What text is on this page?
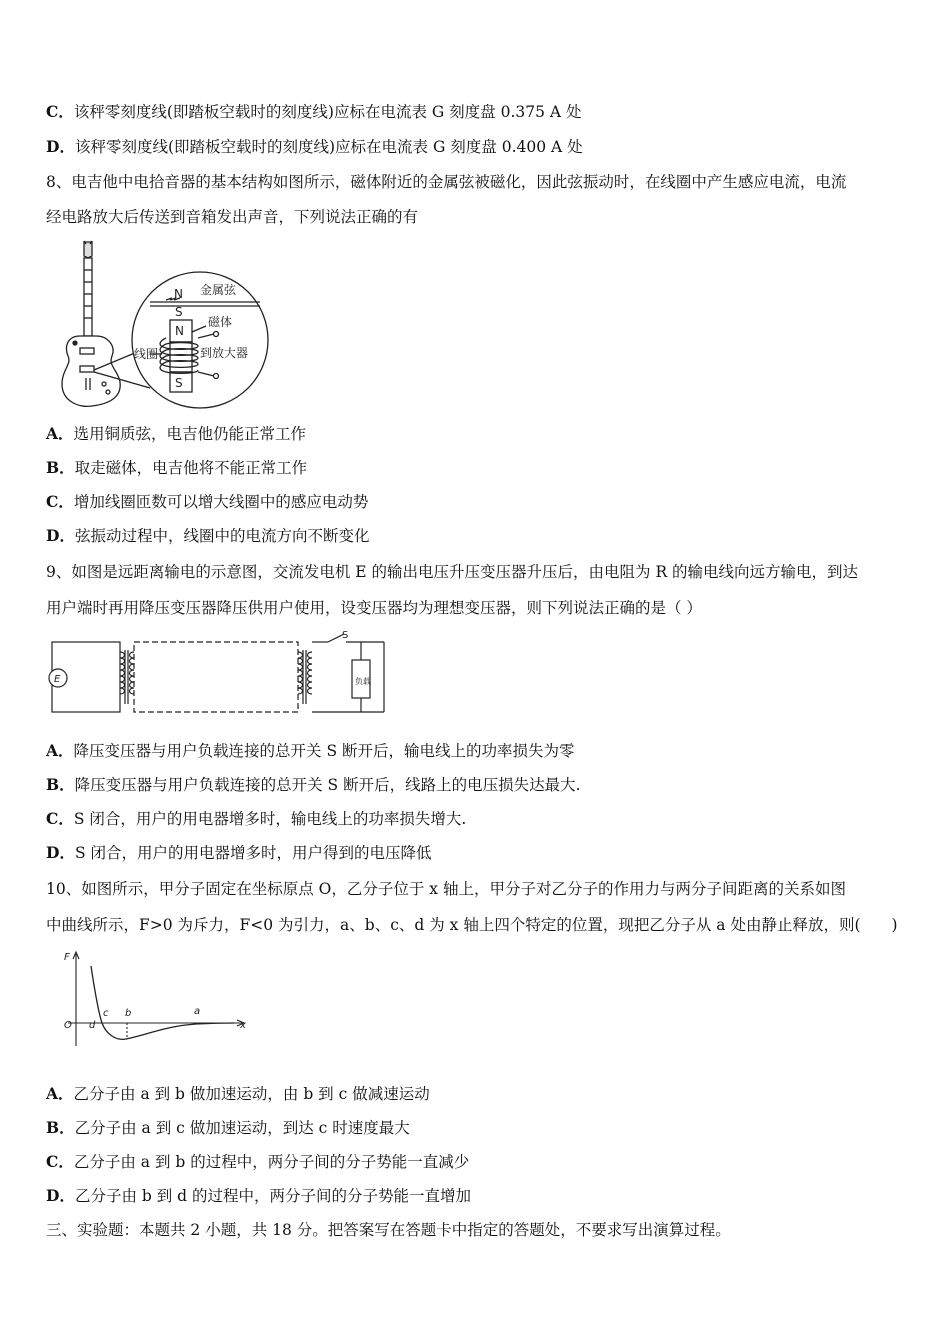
C．该秤零刻度线(即踏板空载时的刻度线)应标在电流表 G 刻度盘 0.375 A 处
D．该秤零刻度线(即踏板空载时的刻度线)应标在电流表 G 刻度盘 0.400 A 处
8、电吉他中电拾音器的基本结构如图所示，磁体附近的金属弦被磁化，因此弦振动时，在线圈中产生感应电流，电流
经电路放大后传送到音箱发出声音，下列说法正确的有
N 金属弦
S
N
磁体
线圈	到放大器
S
A．选用铜质弦，电吉他仍能正常工作
B．取走磁体，电吉他将不能正常工作
C．增加线圈匝数可以增大线圈中的感应电动势
D．弦振动过程中，线圈中的电流方向不断变化
9、如图是远距离输电的示意图，交流发电机 E 的输出电压升压变压器升压后，由电阻为 R 的输电线向远方输电，到达
用户端时再用降压变压器降压供用户使用，设变压器均为理想变压器，则下列说法正确的是（ ）
E
S
负载
A．降压变压器与用户负载连接的总开关 S 断开后，输电线上的功率损失为零
B．降压变压器与用户负载连接的总开关 S 断开后，线路上的电压损失达最大.
C．S 闭合，用户的用电器增多时，输电线上的功率损失增大.
D．S 闭合，用户的用电器增多时，用户得到的电压降低
10、如图所示，甲分子固定在坐标原点 O，乙分子位于 x 轴上，甲分子对乙分子的作用力与两分子间距离的关系如图
中曲线所示，F>0 为斥力，F<0 为引力，a、b、c、d 为 x 轴上四个特定的位置，现把乙分子从 a 处由静止释放，则(　　)
F
O	x
a
b
c
d
A．乙分子由 a 到 b 做加速运动，由 b 到 c 做减速运动
B．乙分子由 a 到 c 做加速运动，到达 c 时速度最大
C．乙分子由 a 到 b 的过程中，两分子间的分子势能一直减少
D．乙分子由 b 到 d 的过程中，两分子间的分子势能一直增加
三、实验题：本题共 2 小题，共 18 分。把答案写在答题卡中指定的答题处，不要求写出演算过程。
